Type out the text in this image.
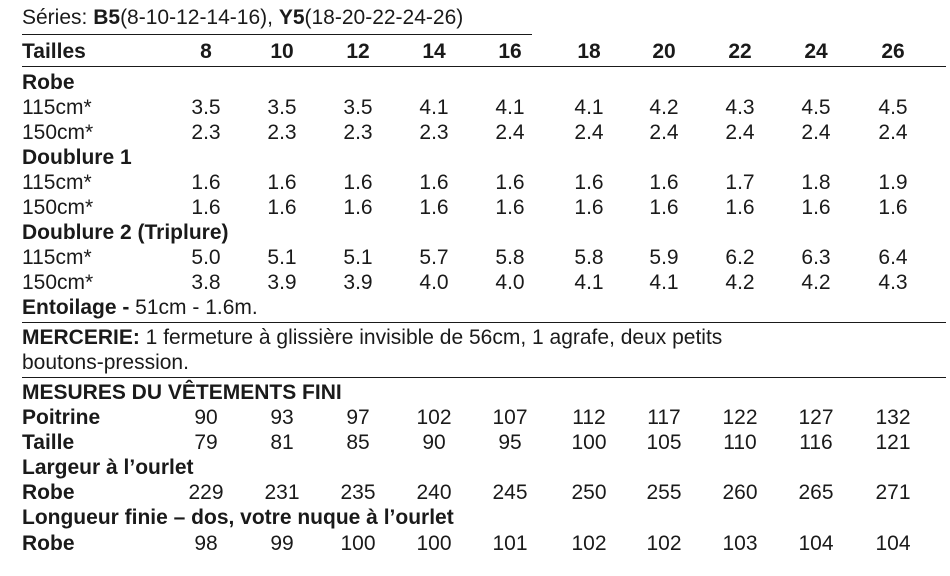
Séries: B5(8-10-12-14-16), Y5(18-20-22-24-26)
Tailles	8	10	12	14	16	18	20	22	24	26
Robe
115cm*	3.5 3.5 3.5 4.1 4.1 4.1 4.2 4.3 4.5 4.5
150cm*	2.3 2.3 2.3 2.3 2.4 2.4 2.4 2.4 2.4 2.4
Doublure 1
115cm*	1.6 1.6 1.6 1.6 1.6 1.6 1.6 1.7 1.8 1.9
150cm*	1.6 1.6 1.6 1.6 1.6 1.6 1.6 1.6 1.6 1.6
Doublure 2 (Triplure)
115cm*	5.0 5.1 5.1 5.7 5.8 5.8 5.9 6.2 6.3 6.4
150cm*	3.8 3.9 3.9 4.0 4.0 4.1 4.1 4.2 4.2 4.3
Entoilage - 51cm - 1.6m.
MERCERIE: 1 fermeture à glissière invisible de 56cm, 1 agrafe, deux petits
boutons-pression.
MESURES DU VÊTEMENTS FINI
Poitrine	90	93	97	102 107 112 117 122 127 132
Taille	79	81	85	90	95	100 105 110 116 121
Largeur à l’ourlet
Robe	229 231 235 240 245 250 255 260 265 271
Longueur finie – dos, votre nuque à l’ourlet
Robe	98	99	100 100 101 102 102 103 104 104
